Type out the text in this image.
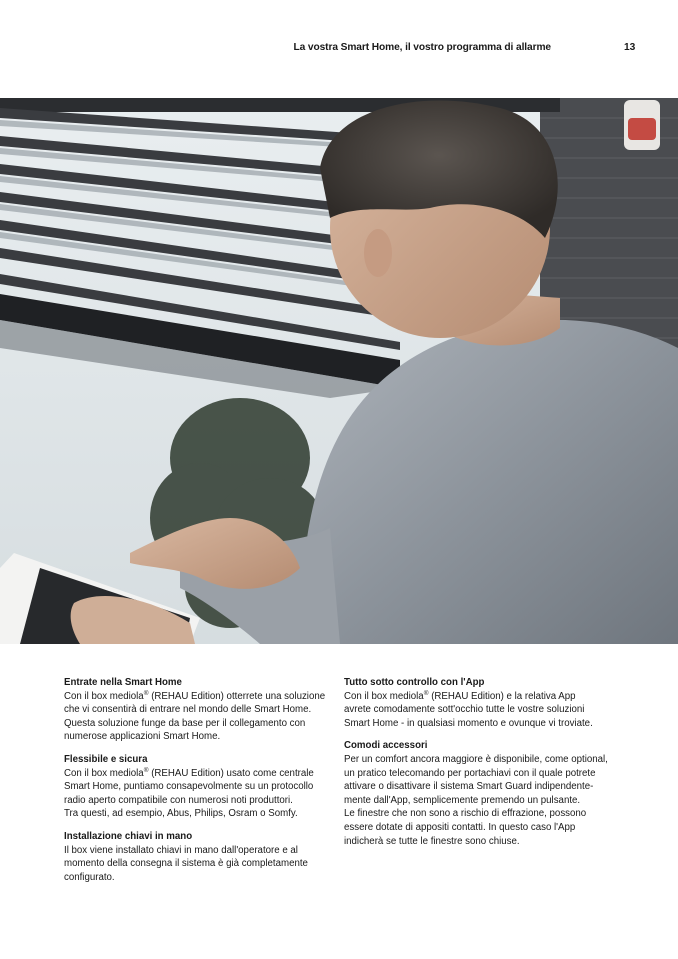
La vostra Smart Home, il vostro programma di allarme	13
Entrate nella Smart Home

Con il box mediola® (REHAU Edition) otterrete una soluzione
che vi consentirà di entrare nel mondo delle Smart Home.
Questa soluzione funge da base per il collegamento con
numerose applicazioni Smart Home.

Flessibile e sicura

Con il box mediola® (REHAU Edition) usato come centrale
Smart Home, puntiamo consapevolmente su un protocollo
radio aperto compatibile con numerosi noti produttori.
Tra questi, ad esempio, Abus, Philips, Osram o Somfy.

Installazione chiavi in mano

Il box viene installato chiavi in mano dall'operatore e al
momento della consegna il sistema è già completamente
configurato.

Tutto sotto controllo con l'App

Con il box mediola® (REHAU Edition) e la relativa App
avrete comodamente sott'occhio tutte le vostre soluzioni
Smart Home - in qualsiasi momento e ovunque vi troviate.

Comodi accessori

Per un comfort ancora maggiore è disponibile, come optional,
un pratico telecomando per portachiavi con il quale potrete
attivare o disattivare il sistema Smart Guard indipendente-
mente dall'App, semplicemente premendo un pulsante.
Le finestre che non sono a rischio di effrazione, possono
essere dotate di appositi contatti. In questo caso l'App
indicherà se tutte le finestre sono chiuse.
